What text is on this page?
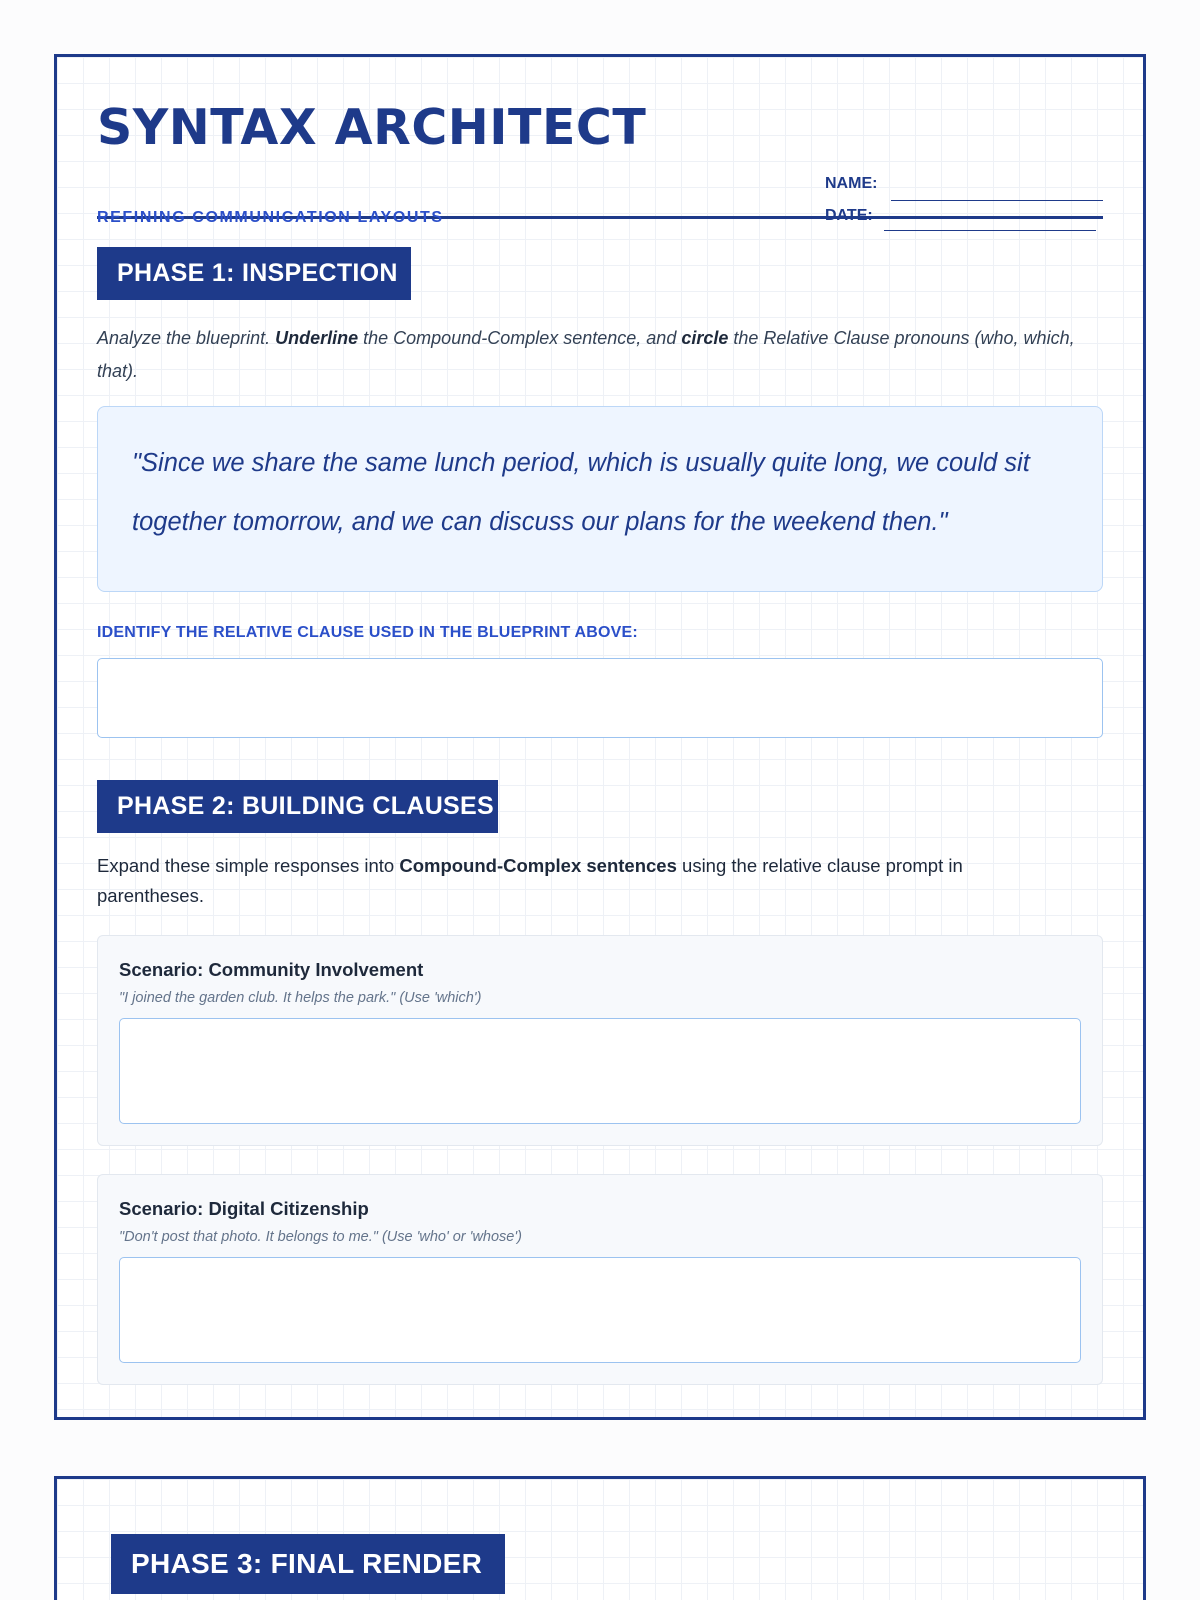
SYNTAX ARCHITECT
REFINING COMMUNICATION LAYOUTS
NAME:
DATE:
PHASE 1: INSPECTION

Analyze the blueprint. Underline the Compound-Complex sentence, and circle the Relative Clause pronouns (who, which, that).

"Since we share the same lunch period, which is usually quite long, we could sit together tomorrow, and we can discuss our plans for the weekend then."
IDENTIFY THE RELATIVE CLAUSE USED IN THE BLUEPRINT ABOVE:
PHASE 2: BUILDING CLAUSES

Expand these simple responses into Compound-Complex sentences using the relative clause prompt in parentheses.

Scenario: Community Involvement
"I joined the garden club. It helps the park." (Use 'which')
Scenario: Digital Citizenship
"Don't post that photo. It belongs to me." (Use 'who' or 'whose')
PHASE 3: FINAL RENDER
